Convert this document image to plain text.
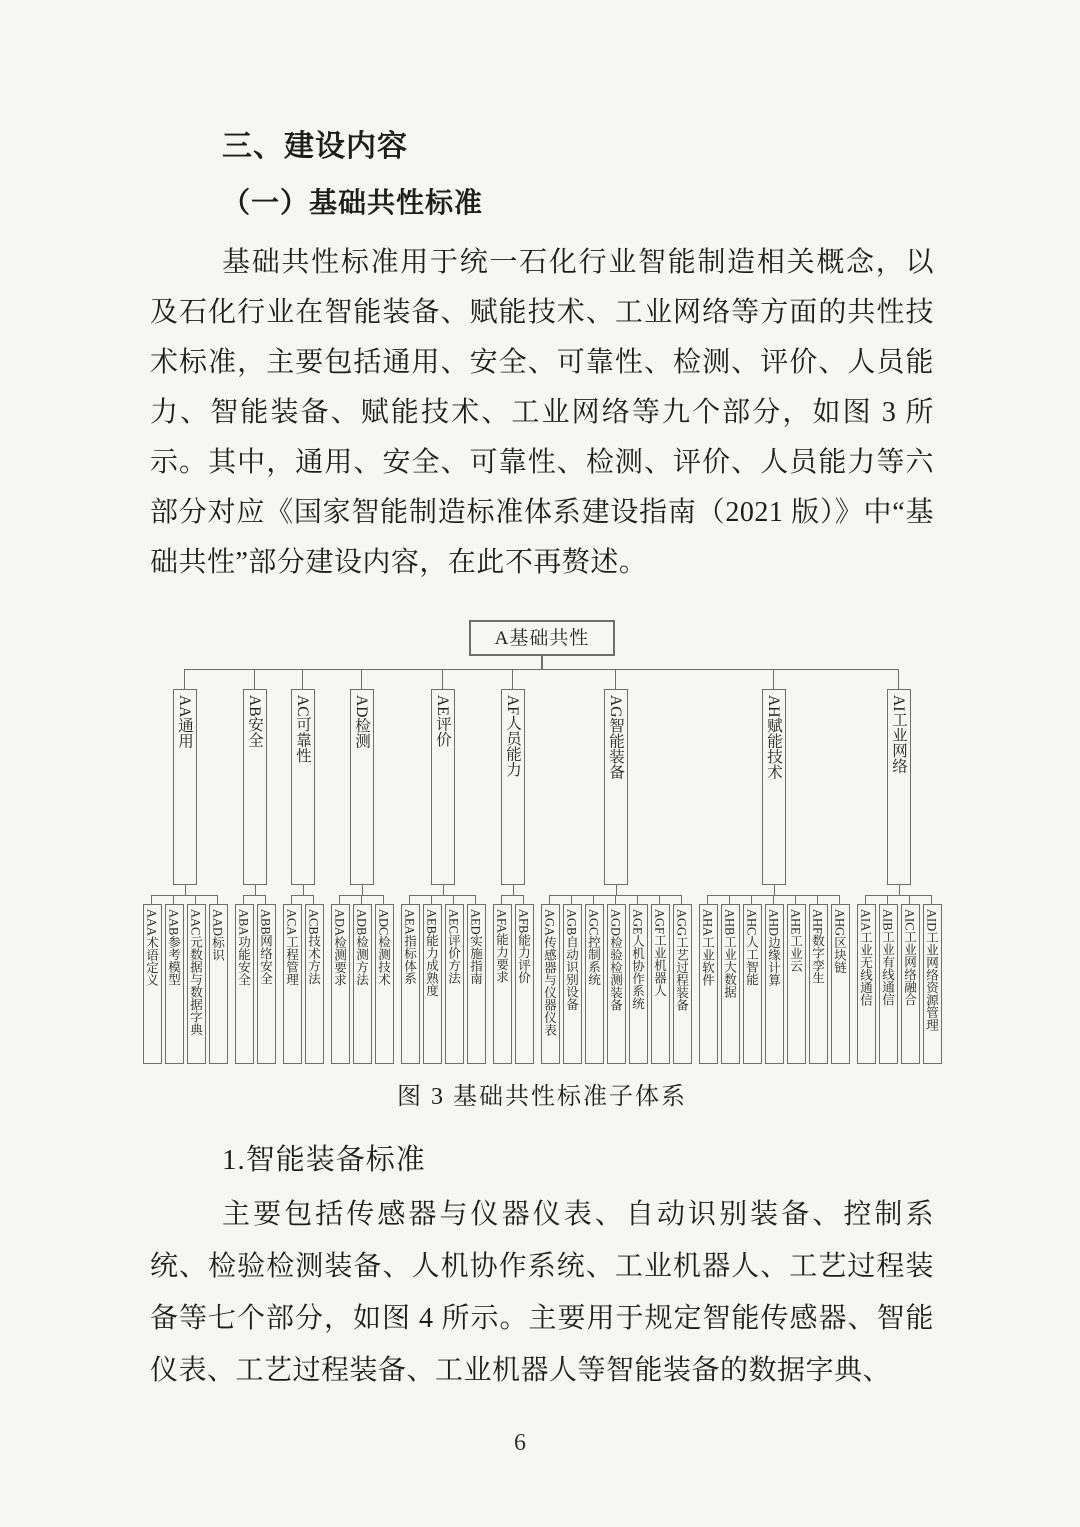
三、建设内容
（一）基础共性标准

基础共性标准用于统一石化行业智能制造相关概念，以及石化行业在智能装备、赋能技术、工业网络等方面的共性技术标准，主要包括通用、安全、可靠性、检测、评价、人员能力、智能装备、赋能技术、工业网络等九个部分，如图 3 所示。其中，通用、安全、可靠性、检测、评价、人员能力等六部分对应《国家智能制造标准体系建设指南（2021 版）》中“基础共性”部分建设内容，在此不再赘述。

A基础共性
AA通用
AAA术语定义 AAB参考模型 AAC元数据与数据字典 AAD标识
AB安全
ABA功能安全 ABB网络安全
AC可靠性
ACA工程管理 ACB技术方法
AD检测
ADA检测要求 ADB检测方法 ADC检测技术
AE评价
AEA指标体系 AEB能力成熟度 AEC评价方法 AED实施指南
AF人员能力
AFA能力要求 AFB能力评价
AG智能装备
AGA传感器与仪器仪表 AGB自动识别设备 AGC控制系统 AGD检验检测装备 AGE人机协作系统 AGF工业机器人 AGG工艺过程装备
AH赋能技术
AHA工业软件 AHB工业大数据 AHC人工智能 AHD边缘计算 AHE工业云 AHF数字孪生 AHG区块链
AI工业网络
AIA工业无线通信 AIB工业有线通信 AIC工业网络融合 AID工业网络资源管理
图 3 基础共性标准子体系
1.智能装备标准

主要包括传感器与仪器仪表、自动识别装备、控制系统、检验检测装备、人机协作系统、工业机器人、工艺过程装备等七个部分，如图 4 所示。主要用于规定智能传感器、智能仪表、工艺过程装备、工业机器人等智能装备的数据字典、

6
